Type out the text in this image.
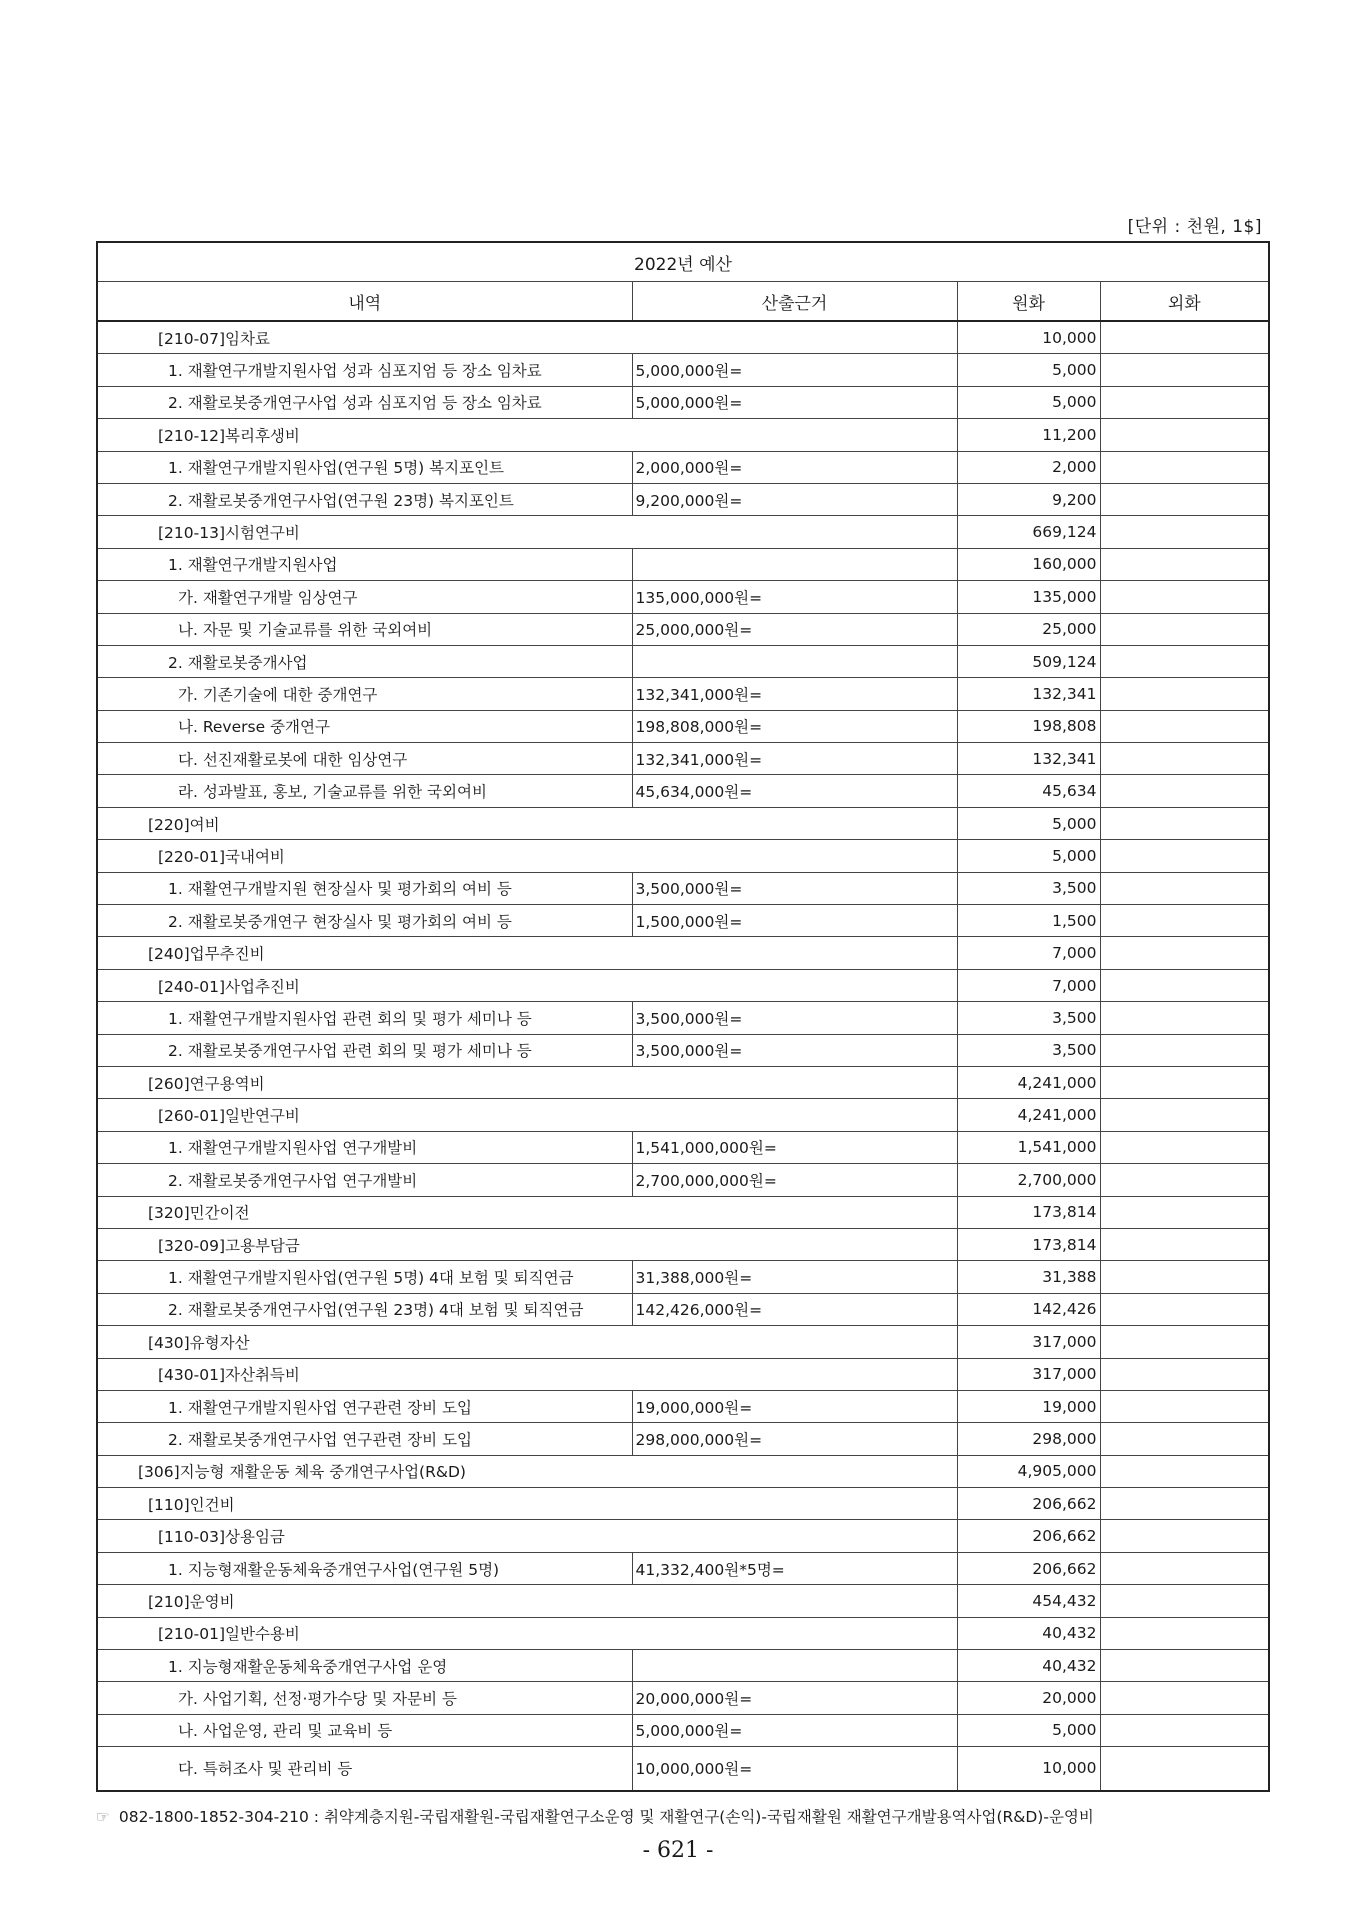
[단위 : 천원, 1$]
2022년 예산			
내역	산출근거	원화	외화
[210-07]임차료		10,000	
1. 재활연구개발지원사업 성과 심포지엄 등 장소 임차료	5,000,000원=	5,000	
2. 재활로봇중개연구사업 성과 심포지엄 등 장소 임차료	5,000,000원=	5,000	
[210-12]복리후생비		11,200	
1. 재활연구개발지원사업(연구원 5명) 복지포인트	2,000,000원=	2,000	
2. 재활로봇중개연구사업(연구원 23명) 복지포인트	9,200,000원=	9,200	
[210-13]시험연구비		669,124	
1. 재활연구개발지원사업		160,000	
가. 재활연구개발 임상연구	135,000,000원=	135,000	
나. 자문 및 기술교류를 위한 국외여비	25,000,000원=	25,000	
2. 재활로봇중개사업		509,124	
가. 기존기술에 대한 중개연구	132,341,000원=	132,341	
나. Reverse 중개연구	198,808,000원=	198,808	
다. 선진재활로봇에 대한 임상연구	132,341,000원=	132,341	
라. 성과발표, 홍보, 기술교류를 위한 국외여비	45,634,000원=	45,634	
[220]여비		5,000	
[220-01]국내여비		5,000	
1. 재활연구개발지원 현장실사 및 평가회의 여비 등	3,500,000원=	3,500	
2. 재활로봇중개연구 현장실사 및 평가회의 여비 등	1,500,000원=	1,500	
[240]업무추진비		7,000	
[240-01]사업추진비		7,000	
1. 재활연구개발지원사업 관련 회의 및 평가 세미나 등	3,500,000원=	3,500	
2. 재활로봇중개연구사업 관련 회의 및 평가 세미나 등	3,500,000원=	3,500	
[260]연구용역비		4,241,000	
[260-01]일반연구비		4,241,000	
1. 재활연구개발지원사업 연구개발비	1,541,000,000원=	1,541,000	
2. 재활로봇중개연구사업 연구개발비	2,700,000,000원=	2,700,000	
[320]민간이전		173,814	
[320-09]고용부담금		173,814	
1. 재활연구개발지원사업(연구원 5명) 4대 보험 및 퇴직연금	31,388,000원=	31,388	
2. 재활로봇중개연구사업(연구원 23명) 4대 보험 및 퇴직연금	142,426,000원=	142,426	
[430]유형자산		317,000	
[430-01]자산취득비		317,000	
1. 재활연구개발지원사업 연구관련 장비 도입	19,000,000원=	19,000	
2. 재활로봇중개연구사업 연구관련 장비 도입	298,000,000원=	298,000	
[306]지능형 재활운동 체육 중개연구사업(R&D)		4,905,000	
[110]인건비		206,662	
[110-03]상용임금		206,662	
1. 지능형재활운동체육중개연구사업(연구원 5명)	41,332,400원*5명=	206,662	
[210]운영비		454,432	
[210-01]일반수용비		40,432	
1. 지능형재활운동체육중개연구사업 운영		40,432	
가. 사업기획, 선정·평가수당 및 자문비 등	20,000,000원=	20,000	
나. 사업운영, 관리 및 교육비 등	5,000,000원=	5,000	
다. 특허조사 및 관리비 등	10,000,000원=	10,000	
☞ 082-1800-1852-304-210 : 취약계층지원-국립재활원-국립재활연구소운영 및 재활연구(손익)-국립재활원 재활연구개발용역사업(R&D)-운영비
- 621 -
